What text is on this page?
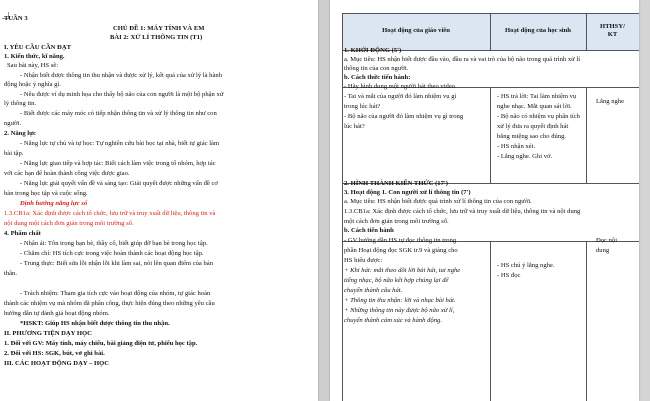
TUẦN 3
CHỦ ĐỀ 1: MÁY TÍNH VÀ EM
BÀI 2: XỬ LÍ THÔNG TIN (T1)
I. YÊU CẦU CẦN ĐẠT
1. Kiến thức, kĩ năng.
Sau bài này, HS sẽ:
- Nhận biết được thông tin thu nhận và được xử lý, kết quả của xử lý là hành
động hoặc ý nghĩa gì.
- Nêu được ví dụ minh họa cho thấy bộ não của con người là một bộ phận xử
lý thông tin.
- Biết được các máy móc có tiếp nhận thông tin và xử lý thông tin như con
người.
2. Năng lực
- Năng lực tự chủ và tự học: Tự nghiên cứu bài học tại nhà, biết tự giác làm
bài tập.
- Năng lực giao tiếp và hợp tác: Biết cách làm việc trong tổ nhóm, hợp tác
với các bạn để hoàn thành công việc được giao.
- Năng lực giải quyết vấn đề và sáng tạo: Giải quyết được những vấn đề cơ
bản trong học tập và cuộc sống.
Định hướng năng lực số
1.3.CB1a: Xác định được cách tổ chức, lưu trữ và truy xuất dữ liệu, thông tin và
nội dung một cách đơn giản trong môi trường số.
4. Phẩm chất
- Nhân ái: Tôn trọng bạn bè, thầy cô, biết giúp đỡ bạn bè trong học tập.
- Chăm chỉ: HS tích cực trong việc hoàn thành các hoạt động học tập.
- Trung thực: Biết sửa lỗi nhận lỗi khi làm sai, nói lên quan điểm của bản
thân.
- Trách nhiệm: Tham gia tích cực vào hoạt động của nhóm, tự giác hoàn
thành các nhiệm vụ mà nhóm đã phân công, thực hiện đúng theo những yêu cầu
hướng dẫn tự đánh giá hoạt động nhóm.
*HSKT: Giúp HS nhận biết được thông tin thu nhận.
II. PHƯƠNG TIỆN DẠY HỌC
1. Đối với GV: Máy tính, máy chiếu, bài giảng điện tử, phiếu học tập.
2. Đối với HS: SGK, bút, vở ghi bài.
III. CÁC HOẠT ĐỘNG DẠY – HỌC
Hoạt động của giáo viên	Hoạt động của học sinh
HTHSY/
KT
1. KHỞI ĐỘNG (5')
a. Mục tiêu: HS nhận biết được đầu vào, đầu ra và vai trò của bộ não trong quá trình xử lí
thông tin của con người.
b. Cách thức tiến hành:
- Hãy hình dung một người hát theo video.
- Tai và mắt của người đó làm nhiệm vụ gì
trong lúc hát?
- Bộ não của người đó làm nhiệm vụ gì trong
lúc hát?
- HS trả lời: Tai làm nhiệm vụ
nghe nhạc. Mắt quan sát lời.
- Bộ não có nhiệm vụ phân tích
xử lý đưa ra quyết định hát
bằng miệng sao cho đúng.
- HS nhận xét.
- Lắng nghe. Ghi vở.
Lắng nghe
2. HÌNH THÀNH KIẾN THỨC (17')
3. Hoạt động 1. Con người xử lí thông tin (7')
a. Mục tiêu: HS nhận biết được quá trình xử lí thông tin của con người.
1.3.CB1a: Xác định được cách tổ chức, lưu trữ và truy xuất dữ liệu, thông tin và nội dung
một cách đơn giản trong môi trường số.
b. Cách tiến hành
- GV hướng dẫn HS tự đọc thông tin trong
phần Hoạt động đọc SGK tr.9 và giảng cho
HS hiểu được:
+ Khi hát: mắt theo dõi lời bài hát, tai nghe
tiếng nhạc, bộ não kết hợp chúng lại để
chuyển thành câu hát.
+ Thông tin thu nhận: lời và nhạc bài hát.
+ Những thông tin này được bộ não xử lí,
chuyển thành cảm xúc và hành động.
- HS chú ý lắng nghe.
- HS đọc
Đọc nội
dung
